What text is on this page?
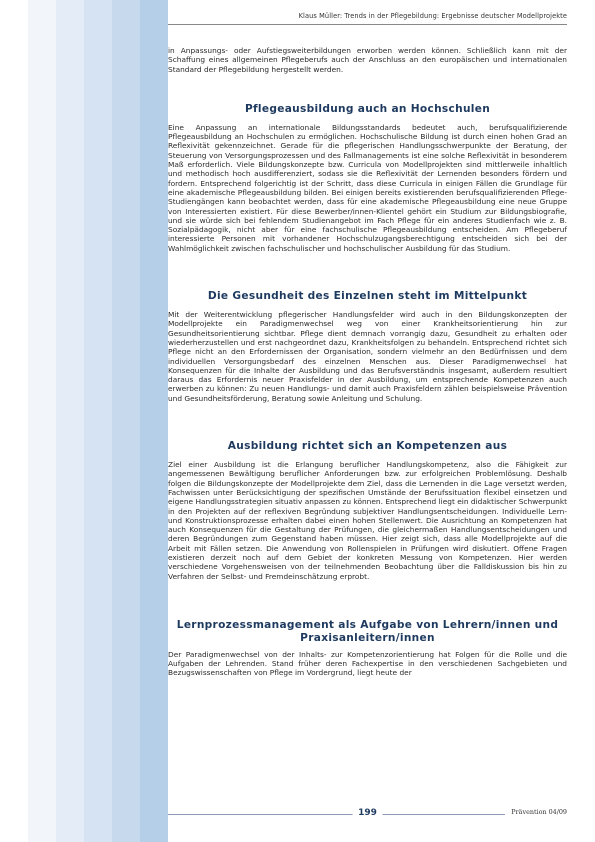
Klaus Müller: Trends in der Pflegebildung: Ergebnisse deutscher Modellprojekte

in Anpassungs- oder Aufstiegsweiterbildungen erworben werden können. Schließlich kann mit der Schaffung eines allgemeinen Pflegeberufs auch der Anschluss an den europäischen und internationalen Standard der Pflegebildung hergestellt werden.

Pflegeausbildung auch an Hochschulen

Eine Anpassung an internationale Bildungsstandards bedeutet auch, berufsqualifizierende Pflegeausbildung an Hochschulen zu ermöglichen. Hochschulische Bildung ist durch einen hohen Grad an Reflexivität gekennzeichnet. Gerade für die pflegerischen Handlungsschwerpunkte der Beratung, der Steuerung von Versorgungsprozessen und des Fallmanagements ist eine solche Reflexivität in besonderem Maß erforderlich. Viele Bildungskonzepte bzw. Curricula von Modellprojekten sind mittlerweile inhaltlich und methodisch hoch ausdifferenziert, sodass sie die Reflexivität der Lernenden besonders fördern und fordern. Entsprechend folgerichtig ist der Schritt, dass diese Curricula in einigen Fällen die Grundlage für eine akademische Pflegeausbildung bilden. Bei einigen bereits existierenden berufsqualifizierenden Pflege-Studiengängen kann beobachtet werden, dass für eine akademische Pflegeausbildung eine neue Gruppe von Interessierten existiert. Für diese Bewerber/innen-Klientel gehört ein Studium zur Bildungsbiografie, und sie würde sich bei fehlendem Studienangebot im Fach Pflege für ein anderes Studienfach wie z. B. Sozialpädagogik, nicht aber für eine fachschulische Pflegeausbildung entscheiden. Am Pflegeberuf interessierte Personen mit vorhandener Hochschulzugangsberechtigung entscheiden sich bei der Wahlmöglichkeit zwischen fachschulischer und hochschulischer Ausbildung für das Studium.

Die Gesundheit des Einzelnen steht im Mittelpunkt

Mit der Weiterentwicklung pflegerischer Handlungsfelder wird auch in den Bildungskonzepten der Modellprojekte ein Paradigmenwechsel weg von einer Krankheitsorientierung hin zur Gesundheitsorientierung sichtbar. Pflege dient demnach vorrangig dazu, Gesundheit zu erhalten oder wiederherzustellen und erst nachgeordnet dazu, Krankheitsfolgen zu behandeln. Entsprechend richtet sich Pflege nicht an den Erfordernissen der Organisation, sondern vielmehr an den Bedürfnissen und dem individuellen Versorgungsbedarf des einzelnen Menschen aus. Dieser Paradigmenwechsel hat Konsequenzen für die Inhalte der Ausbildung und das Berufsverständnis insgesamt, außerdem resultiert daraus das Erfordernis neuer Praxisfelder in der Ausbildung, um entsprechende Kompetenzen auch erwerben zu können: Zu neuen Handlungs- und damit auch Praxisfeldern zählen beispielsweise Prävention und Gesundheitsförderung, Beratung sowie Anleitung und Schulung.

Ausbildung richtet sich an Kompetenzen aus

Ziel einer Ausbildung ist die Erlangung beruflicher Handlungskompetenz, also die Fähigkeit zur angemessenen Bewältigung beruflicher Anforderungen bzw. zur erfolgreichen Problemlösung. Deshalb folgen die Bildungskonzepte der Modellprojekte dem Ziel, dass die Lernenden in die Lage versetzt werden, Fachwissen unter Berücksichtigung der spezifischen Umstände der Berufssituation flexibel einsetzen und eigene Handlungsstrategien situativ anpassen zu können. Entsprechend liegt ein didaktischer Schwerpunkt in den Projekten auf der reflexiven Begründung subjektiver Handlungsentscheidungen. Individuelle Lern- und Konstruktionsprozesse erhalten dabei einen hohen Stellenwert. Die Ausrichtung an Kompetenzen hat auch Konsequenzen für die Gestaltung der Prüfungen, die gleichermaßen Handlungsentscheidungen und deren Begründungen zum Gegenstand haben müssen. Hier zeigt sich, dass alle Modellprojekte auf die Arbeit mit Fällen setzen. Die Anwendung von Rollenspielen in Prüfungen wird diskutiert. Offene Fragen existieren derzeit noch auf dem Gebiet der konkreten Messung von Kompetenzen. Hier werden verschiedene Vorgehensweisen von der teilnehmenden Beobachtung über die Falldiskussion bis hin zu Verfahren der Selbst- und Fremdeinschätzung erprobt.

Lernprozessmanagement als Aufgabe von Lehrern/innen und Praxisanleitern/innen

Der Paradigmenwechsel von der Inhalts- zur Kompetenzorientierung hat Folgen für die Rolle und die Aufgaben der Lehrenden. Stand früher deren Fachexpertise in den verschiedenen Sachgebieten und Bezugswissenschaften von Pflege im Vordergrund, liegt heute der

199	Prävention 04/09
